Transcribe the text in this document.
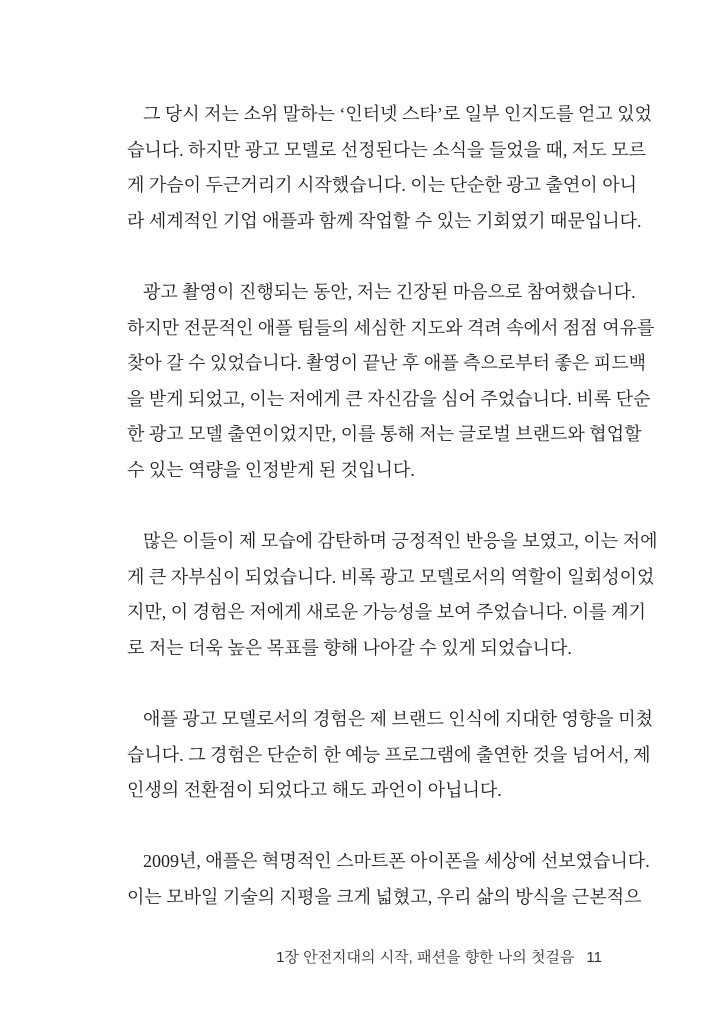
그 당시 저는 소위 말하는 ‘인터넷 스타’로 일부 인지도를 얻고 있었
습니다. 하지만 광고 모델로 선정된다는 소식을 들었을 때, 저도 모르
게 가슴이 두근거리기 시작했습니다. 이는 단순한 광고 출연이 아니
라 세계적인 기업 애플과 함께 작업할 수 있는 기회였기 때문입니다.
광고 촬영이 진행되는 동안, 저는 긴장된 마음으로 참여했습니다.
하지만 전문적인 애플 팀들의 세심한 지도와 격려 속에서 점점 여유를
찾아 갈 수 있었습니다. 촬영이 끝난 후 애플 측으로부터 좋은 피드백
을 받게 되었고, 이는 저에게 큰 자신감을 심어 주었습니다. 비록 단순
한 광고 모델 출연이었지만, 이를 통해 저는 글로벌 브랜드와 협업할
수 있는 역량을 인정받게 된 것입니다.
많은 이들이 제 모습에 감탄하며 긍정적인 반응을 보였고, 이는 저에
게 큰 자부심이 되었습니다. 비록 광고 모델로서의 역할이 일회성이었
지만, 이 경험은 저에게 새로운 가능성을 보여 주었습니다. 이를 계기
로 저는 더욱 높은 목표를 향해 나아갈 수 있게 되었습니다.
애플 광고 모델로서의 경험은 제 브랜드 인식에 지대한 영향을 미쳤
습니다. 그 경험은 단순히 한 예능 프로그램에 출연한 것을 넘어서, 제
인생의 전환점이 되었다고 해도 과언이 아닙니다.
2009년, 애플은 혁명적인 스마트폰 아이폰을 세상에 선보였습니다.
이는 모바일 기술의 지평을 크게 넓혔고, 우리 삶의 방식을 근본적으
1장 안전지대의 시작, 패션을 향한 나의 첫걸음 11
